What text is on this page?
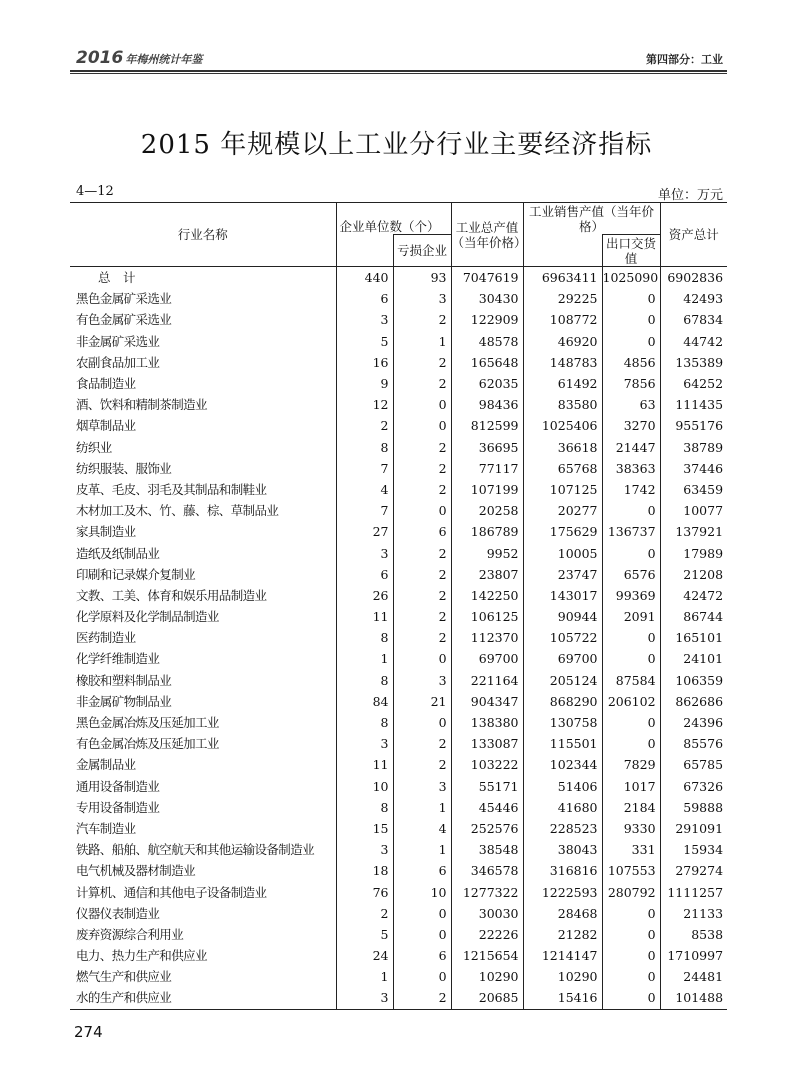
2016 年梅州统计年鉴	第四部分：工业
2015 年规模以上工业分行业主要经济指标
4—12	单位：万元
行业名称	企业单位数（个）		工业总产值（当年价格）	工业销售产值（当年价格）		资产总计
		亏损企业			出口交货值	
总　计	440	93	7047619	6963411	1025090	6902836
黑色金属矿采选业	6	3	30430	29225	0	42493
有色金属矿采选业	3	2	122909	108772	0	67834
非金属矿采选业	5	1	48578	46920	0	44742
农副食品加工业	16	2	165648	148783	4856	135389
食品制造业	9	2	62035	61492	7856	64252
酒、饮料和精制茶制造业	12	0	98436	83580	63	111435
烟草制品业	2	0	812599	1025406	3270	955176
纺织业	8	2	36695	36618	21447	38789
纺织服装、服饰业	7	2	77117	65768	38363	37446
皮革、毛皮、羽毛及其制品和制鞋业	4	2	107199	107125	1742	63459
木材加工及木、竹、藤、棕、草制品业	7	0	20258	20277	0	10077
家具制造业	27	6	186789	175629	136737	137921
造纸及纸制品业	3	2	9952	10005	0	17989
印刷和记录媒介复制业	6	2	23807	23747	6576	21208
文教、工美、体育和娱乐用品制造业	26	2	142250	143017	99369	42472
化学原料及化学制品制造业	11	2	106125	90944	2091	86744
医药制造业	8	2	112370	105722	0	165101
化学纤维制造业	1	0	69700	69700	0	24101
橡胶和塑料制品业	8	3	221164	205124	87584	106359
非金属矿物制品业	84	21	904347	868290	206102	862686
黑色金属冶炼及压延加工业	8	0	138380	130758	0	24396
有色金属冶炼及压延加工业	3	2	133087	115501	0	85576
金属制品业	11	2	103222	102344	7829	65785
通用设备制造业	10	3	55171	51406	1017	67326
专用设备制造业	8	1	45446	41680	2184	59888
汽车制造业	15	4	252576	228523	9330	291091
铁路、船舶、航空航天和其他运输设备制造业	3	1	38548	38043	331	15934
电气机械及器材制造业	18	6	346578	316816	107553	279274
计算机、通信和其他电子设备制造业	76	10	1277322	1222593	280792	1111257
仪器仪表制造业	2	0	30030	28468	0	21133
废弃资源综合利用业	5	0	22226	21282	0	8538
电力、热力生产和供应业	24	6	1215654	1214147	0	1710997
燃气生产和供应业	1	0	10290	10290	0	24481
水的生产和供应业	3	2	20685	15416	0	101488
274
